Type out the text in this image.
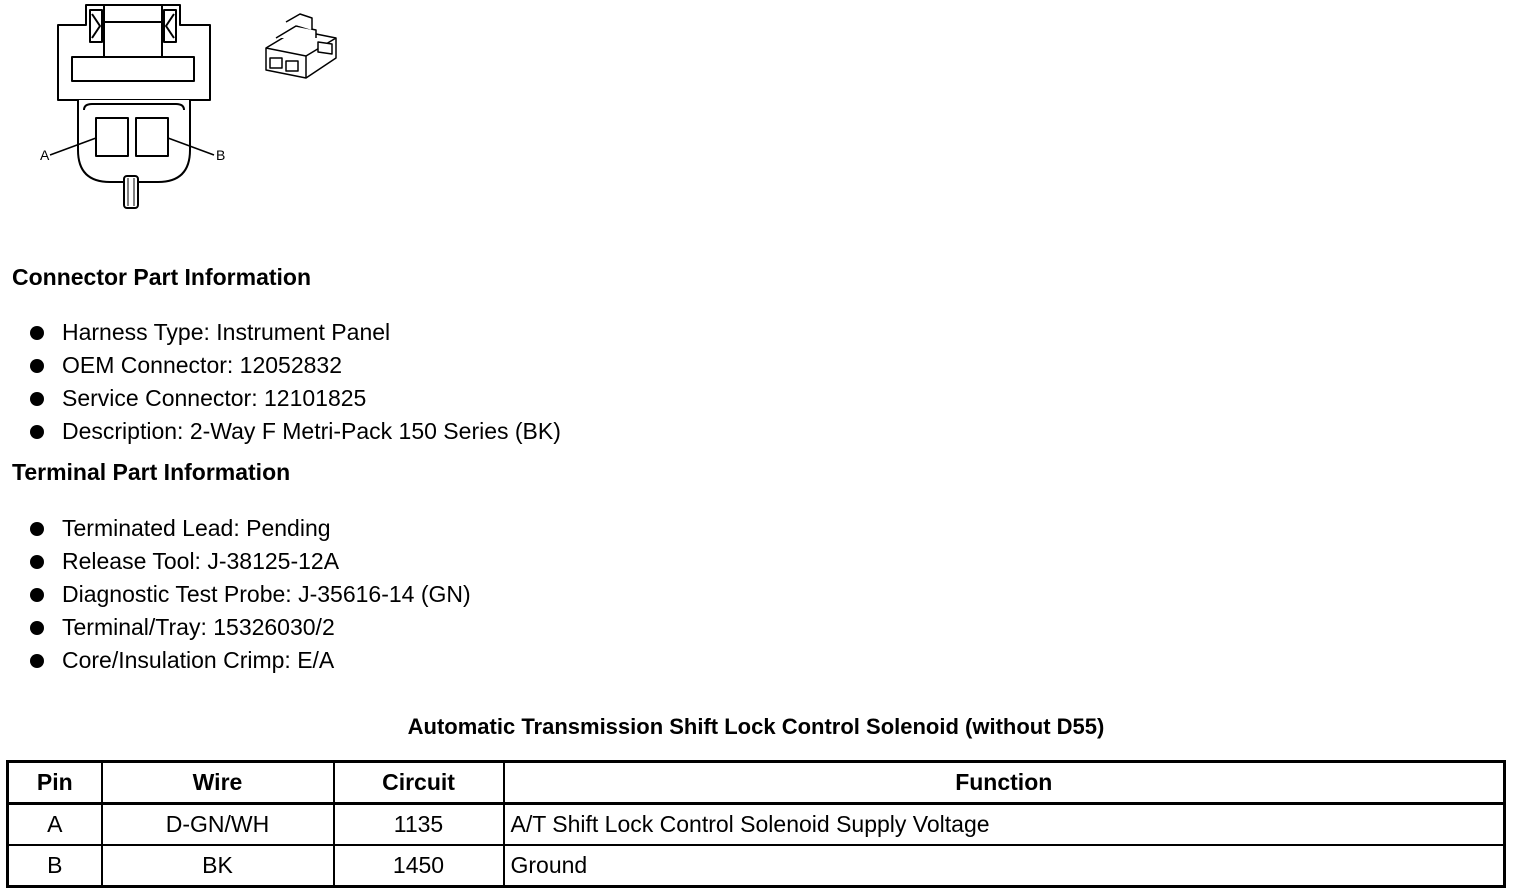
A	B
Connector Part Information
Harness Type: Instrument Panel
OEM Connector: 12052832
Service Connector: 12101825
Description: 2-Way F Metri-Pack 150 Series (BK)
Terminal Part Information
Terminated Lead: Pending
Release Tool: J-38125-12A
Diagnostic Test Probe: J-35616-14 (GN)
Terminal/Tray: 15326030/2
Core/Insulation Crimp: E/A
Automatic Transmission Shift Lock Control Solenoid (without D55)
Pin	Wire	Circuit	Function
A	D-GN/WH	1135	A/T Shift Lock Control Solenoid Supply Voltage
B	BK	1450	Ground
